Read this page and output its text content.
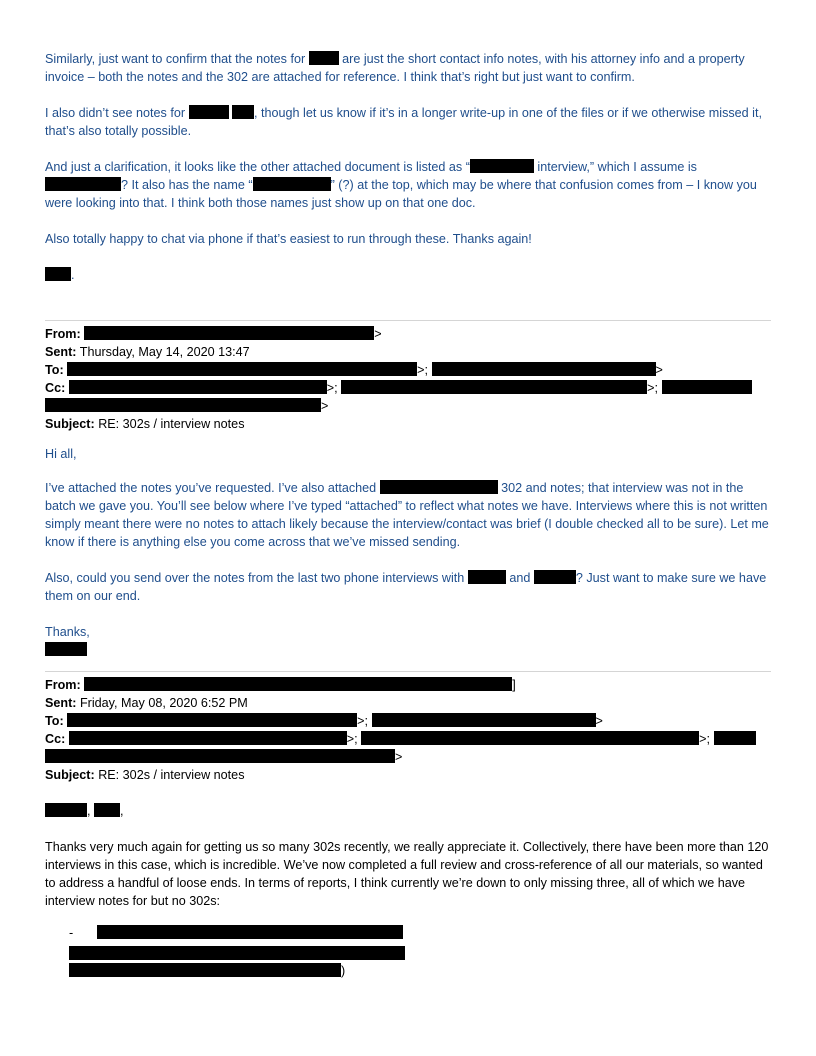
Similarly, just want to confirm that the notes for  are just the short contact info notes, with his attorney info and a property invoice – both the notes and the 302 are attached for reference. I think that’s right but just want to confirm.

I also didn’t see notes for	, though let us know if it’s in a longer write-up in one of the files or if we otherwise missed it, that’s also totally possible.

And just a clarification, it looks like the other attached document is listed as “	interview,” which I assume is ? It also has the name “	” (?) at the top, which may be where that confusion comes from – I know you were looking into that. I think both those names just show up on that one doc.

Also totally happy to chat via phone if that’s easiest to run through these. Thanks again!

.

From:	>
Sent: Thursday, May 14, 2020 13:47
To:	>;	>
Cc:	>;	>;
>
Subject: RE: 302s / interview notes

Hi all,

I’ve attached the notes you’ve requested. I’ve also attached	302 and notes; that interview was not in the batch we gave you. You’ll see below where I’ve typed “attached” to reflect what notes we have. Interviews where this is not written simply meant there were no notes to attach likely because the interview/contact was brief (I double checked all to be sure). Let me know if there is anything else you come across that we’ve missed sending.

Also, could you send over the notes from the last two phone interviews with	and	? Just want to make sure we have them on our end.

Thanks,

From:	]
Sent: Friday, May 08, 2020 6:52 PM
To:	>;	>
Cc:	>;	>;
>
Subject: RE: 302s / interview notes

, ,

Thanks very much again for getting us so many 302s recently, we really appreciate it. Collectively, there have been more than 120 interviews in this case, which is incredible. We’ve now completed a full review and cross-reference of all our materials, so wanted to address a handful of loose ends. In terms of reports, I think currently we’re down to only missing three, all of which we have interview notes for but no 302s:

-

)
